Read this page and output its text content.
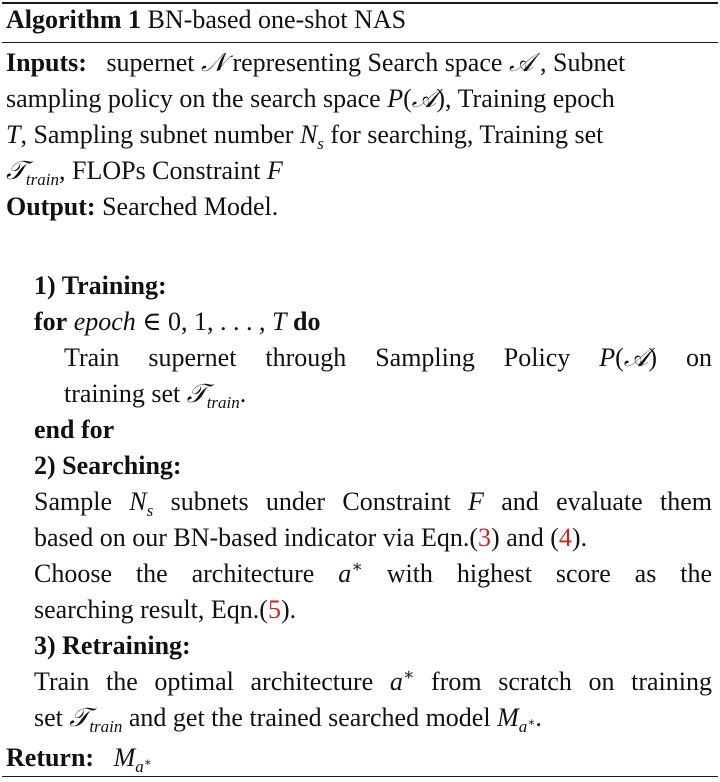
Algorithm 1 BN-based one-shot NAS
Inputs:   supernet 𝒩 representing Search space 𝒜 , Subnet
sampling policy on the search space P(𝒜), Training epoch
T, Sampling subnet number $N_s$ for searching, Training set
𝒯$_{train}$, FLOPs Constraint F
Output: Searched Model.
1) Training:
for epoch ∈ 0, 1, . . . , T do
Train supernet through Sampling Policy P(𝒜) on
training set 𝒯$_{train}$.
end for
2) Searching:
Sample $N_s$ subnets under Constraint F and evaluate them
based on our BN-based indicator via Eqn.(3) and (4).
Choose the architecture a∗ with highest score as the
searching result, Eqn.(5).
3) Retraining:
Train the optimal architecture a∗ from scratch on training
set 𝒯$_{train}$ and get the trained searched model $M_{a^∗}$.
Return: $M_{a^∗}$
